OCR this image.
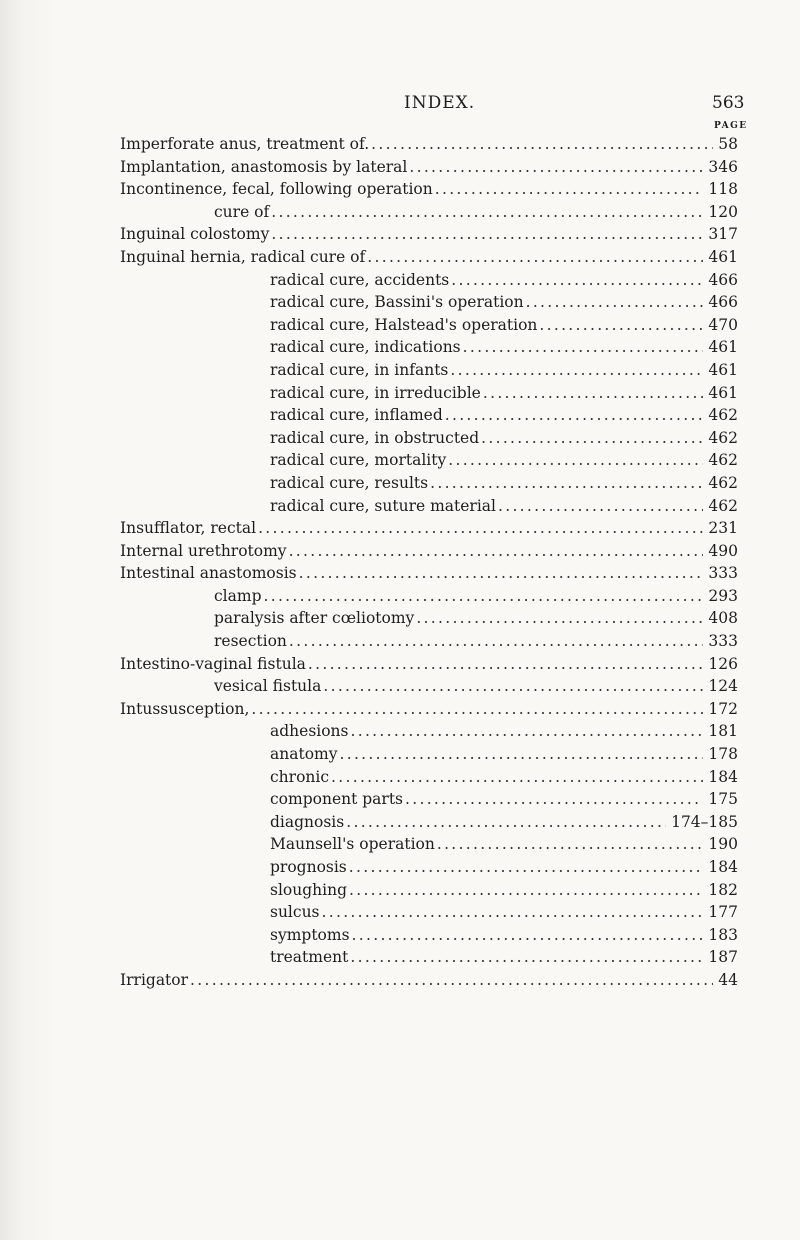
INDEX.	563
PAGE
Imperforate anus, treatment of. .....	58
Implantation, anastomosis by lateral .....	346
Incontinence, fecal, following operation .....	118
cure of .....	120
Inguinal colostomy .....	317
Inguinal hernia, radical cure of .....	461
radical cure, accidents .....	466
radical cure, Bassini's operation .....	466
radical cure, Halstead's operation .....	470
radical cure, indications .....	461
radical cure, in infants .....	461
radical cure, in irreducible .....	461
radical cure, inflamed .....	462
radical cure, in obstructed .....	462
radical cure, mortality .....	462
radical cure, results .....	462
radical cure, suture material .....	462
Insufflator, rectal .....	231
Internal urethrotomy .....	490
Intestinal anastomosis .....	333
clamp .....	293
paralysis after cœliotomy .....	408
resection .....	333
Intestino-vaginal fistula .....	126
vesical fistula .....	124
Intussusception, .....	172
adhesions .....	181
anatomy .....	178
chronic .....	184
component parts .....	175
diagnosis .....	174–185
Maunsell's operation .....	190
prognosis .....	184
sloughing .....	182
sulcus .....	177
symptoms .....	183
treatment .....	187
Irrigator .....	44
